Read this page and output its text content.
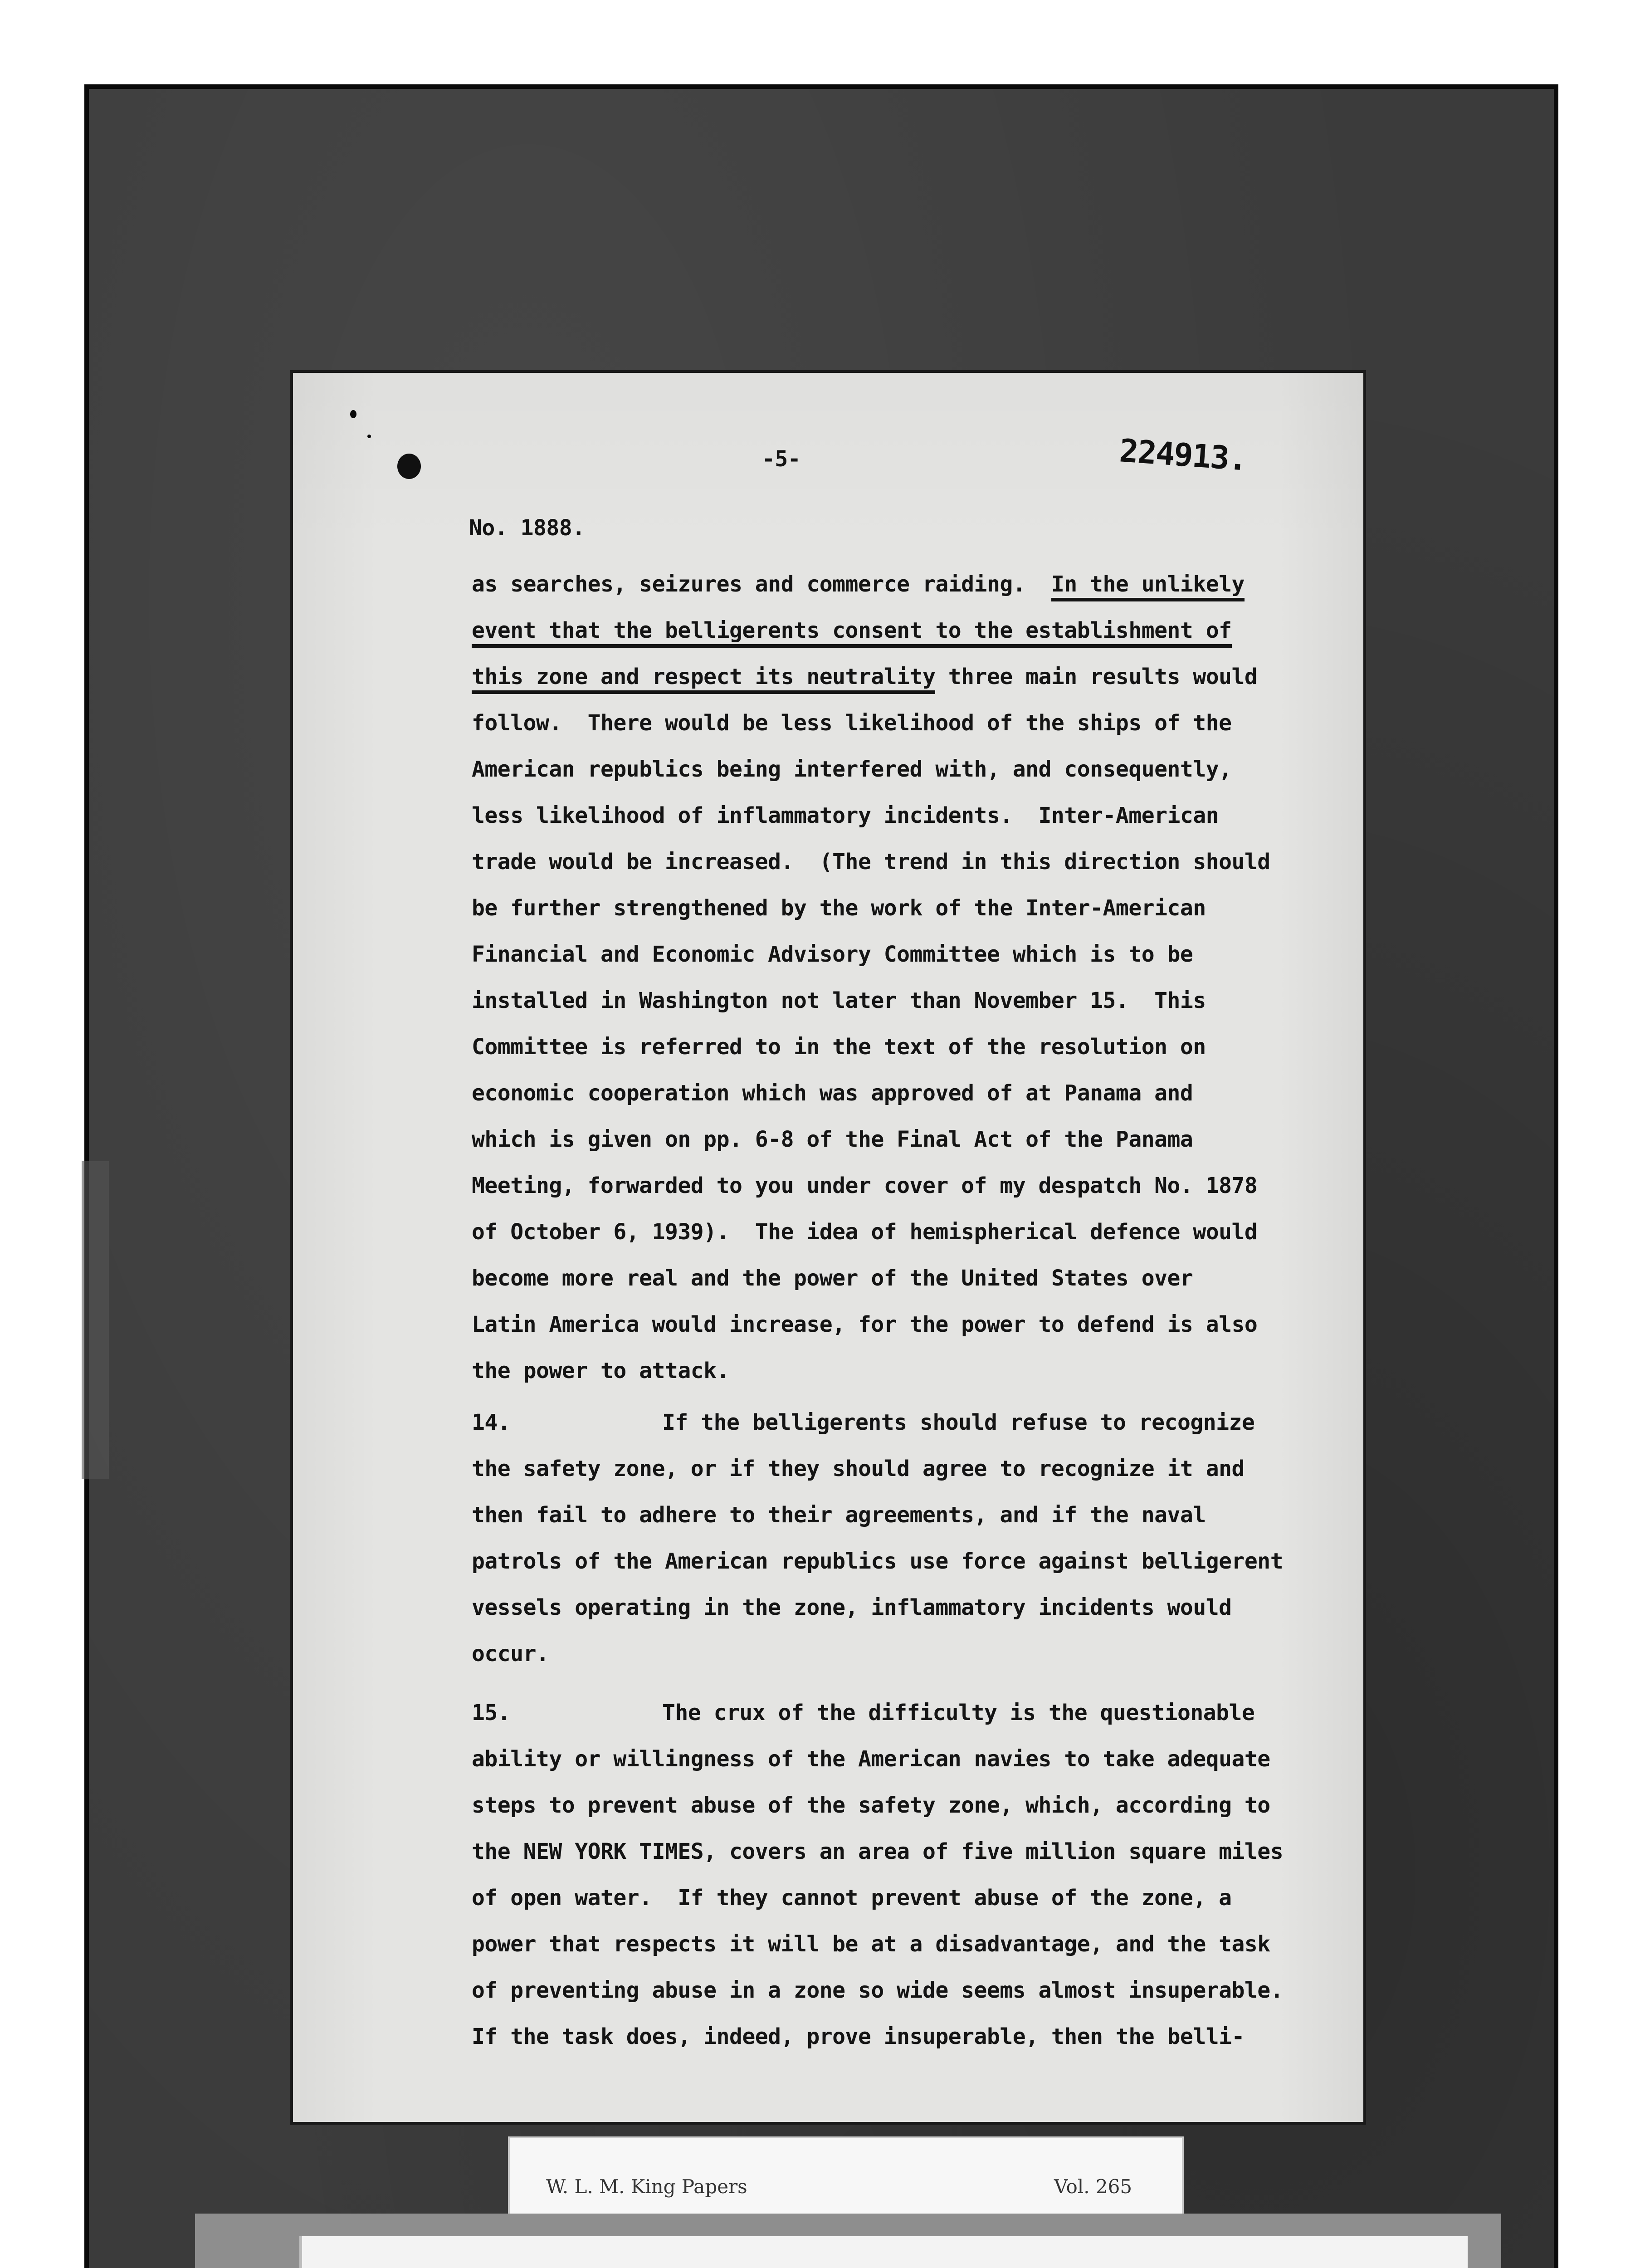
-5-	224913.
No. 1888.
as searches, seizures and commerce raiding.  In the unlikely
event that the belligerents consent to the establishment of
this zone and respect its neutrality three main results would
follow.  There would be less likelihood of the ships of the
American republics being interfered with, and consequently,
less likelihood of inflammatory incidents.  Inter-American
trade would be increased.  (The trend in this direction should
be further strengthened by the work of the Inter-American
Financial and Economic Advisory Committee which is to be
installed in Washington not later than November 15.  This
Committee is referred to in the text of the resolution on
economic cooperation which was approved of at Panama and
which is given on pp. 6-8 of the Final Act of the Panama
Meeting, forwarded to you under cover of my despatch No. 1878
of October 6, 1939).  The idea of hemispherical defence would
become more real and the power of the United States over
Latin America would increase, for the power to defend is also
the power to attack.
14.	If the belligerents should refuse to recognize
the safety zone, or if they should agree to recognize it and
then fail to adhere to their agreements, and if the naval
patrols of the American republics use force against belligerent
vessels operating in the zone, inflammatory incidents would
occur.
15.	The crux of the difficulty is the questionable
ability or willingness of the American navies to take adequate
steps to prevent abuse of the safety zone, which, according to
the NEW YORK TIMES, covers an area of five million square miles
of open water.  If they cannot prevent abuse of the zone, a
power that respects it will be at a disadvantage, and the task
of preventing abuse in a zone so wide seems almost insuperable.
If the task does, indeed, prove insuperable, then the belli-
W. L. M. King Papers	Vol. 265
